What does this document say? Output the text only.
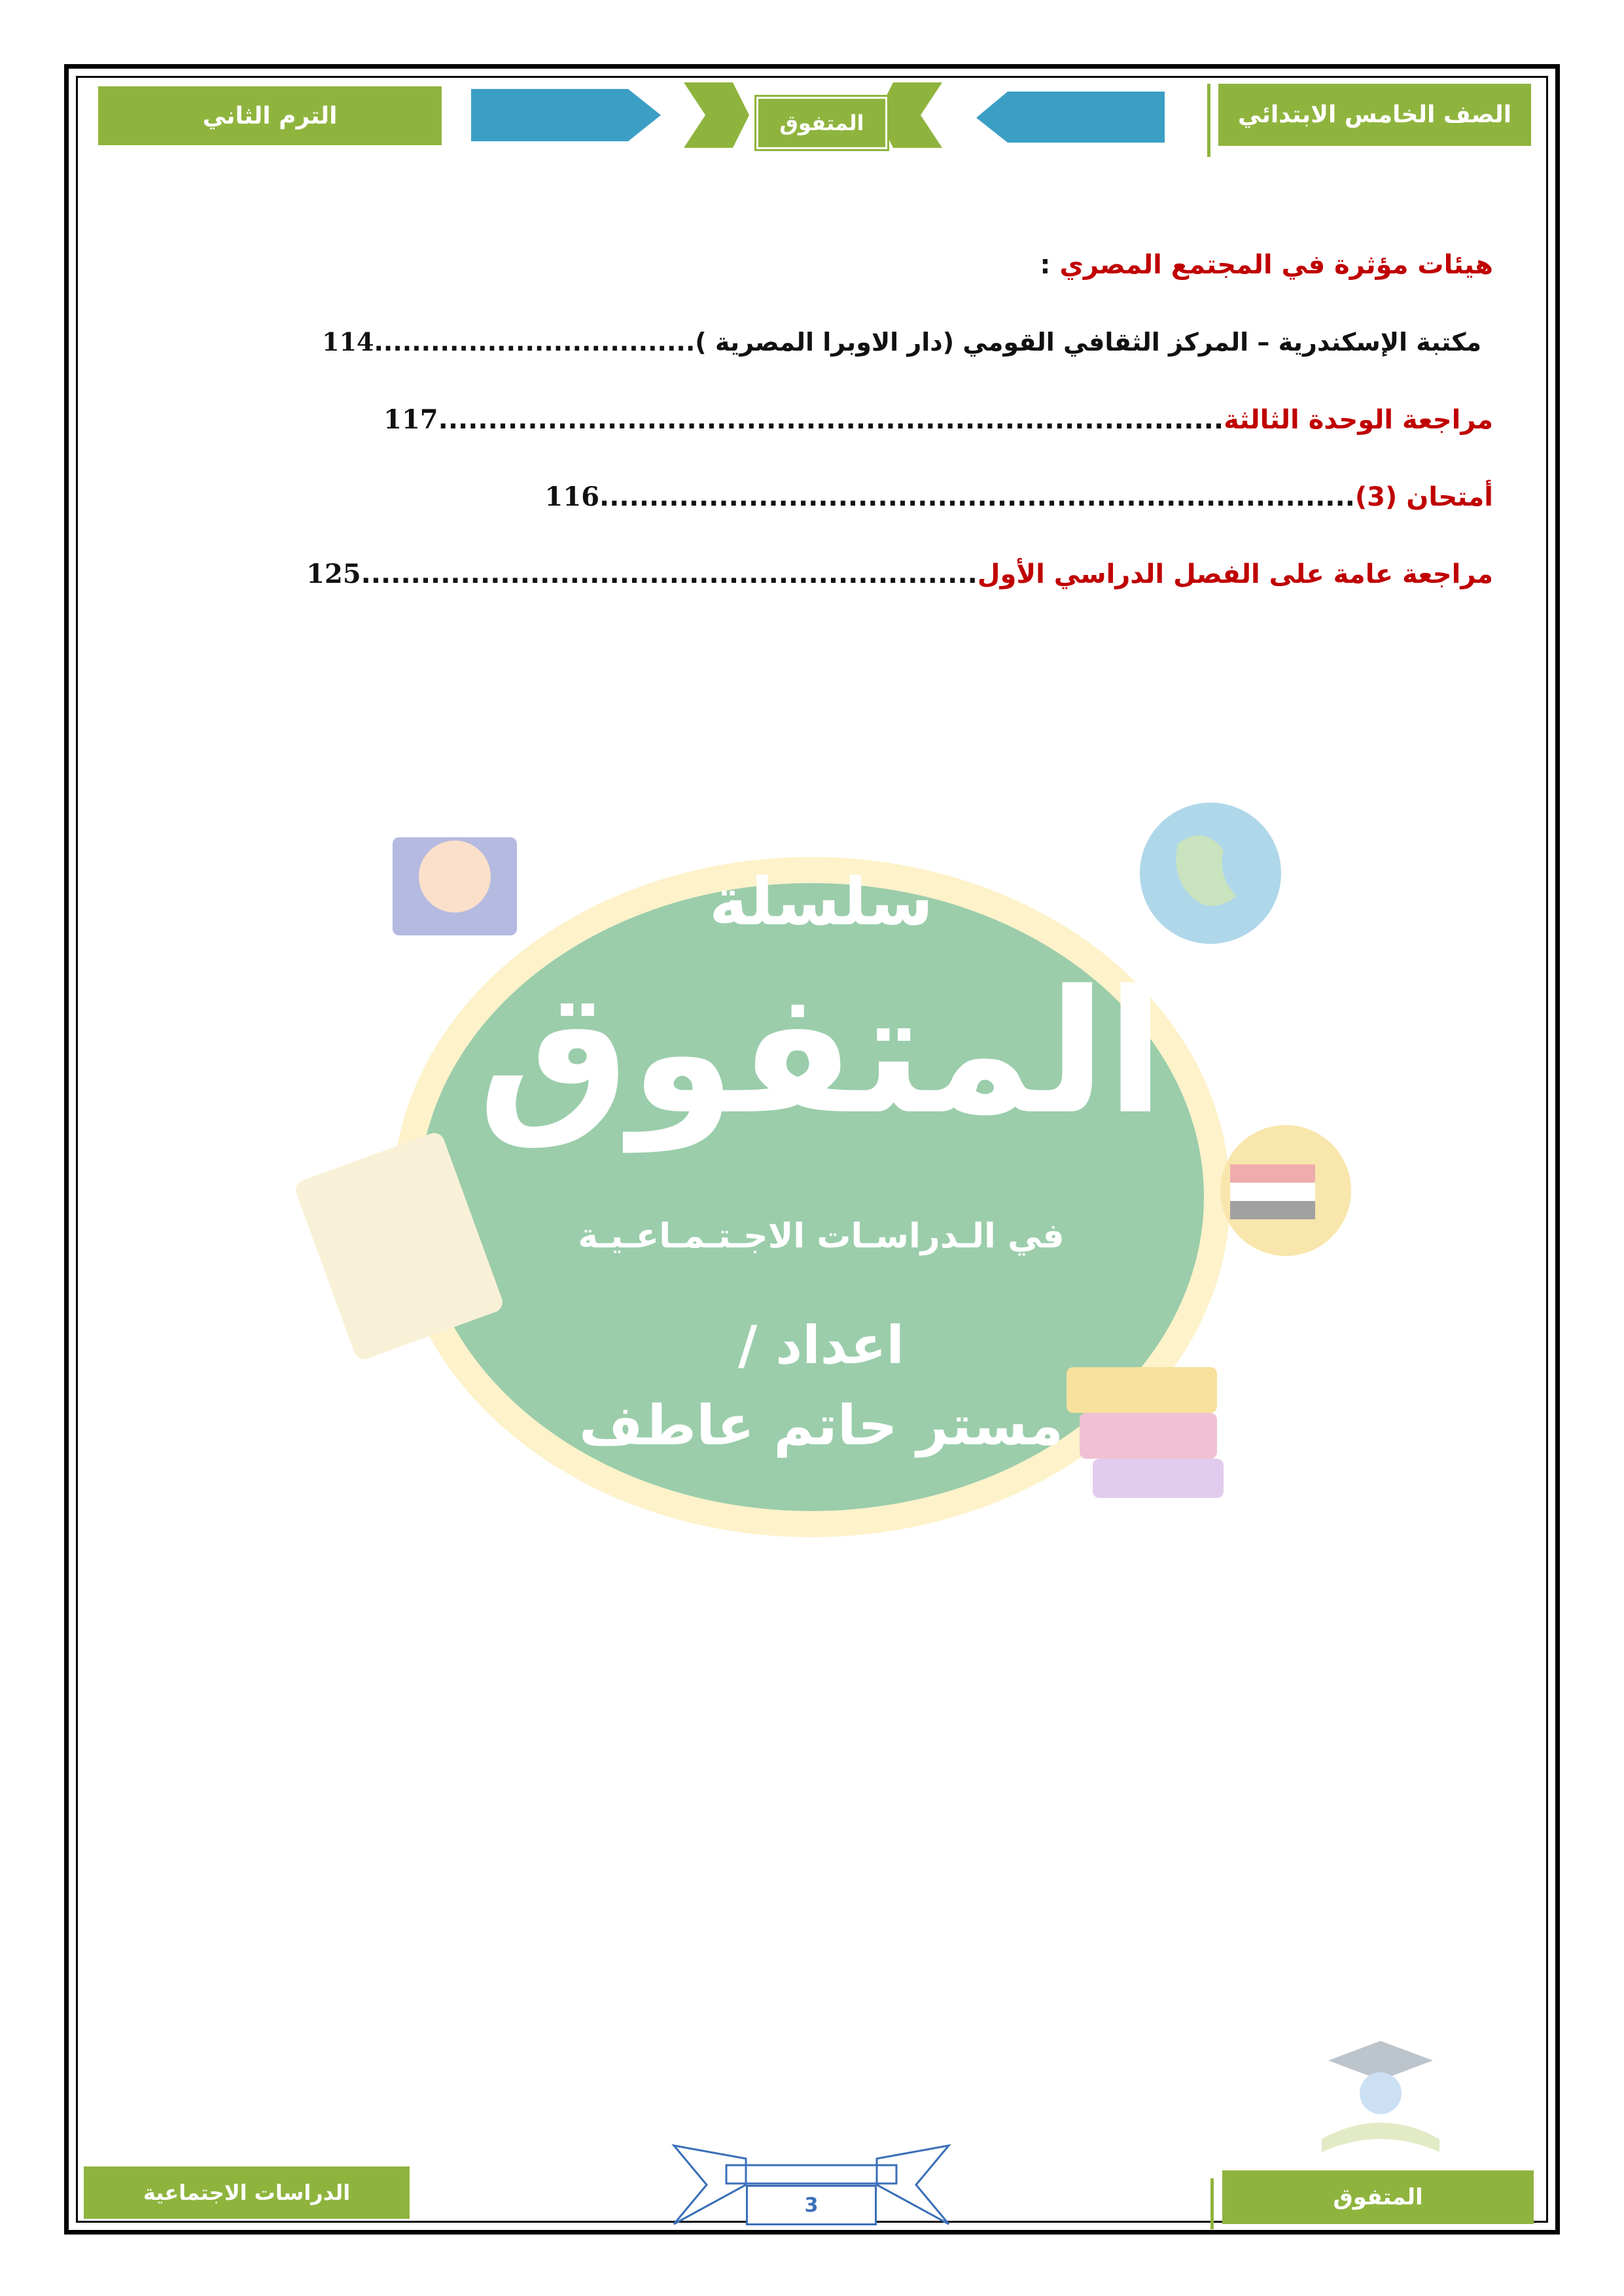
الترم الثاني	المتفوق	الصف الخامس الابتدائي
هيئات مؤثرة في المجتمع المصري :
مكتبة الإسكندرية – المركز الثقافي القومي (دار الاوبرا المصرية )..................................114
مراجعة الوحدة الثالثة...............................................................................117
أمتحان (3)............................................................................116
مراجعة عامة على الفصل الدراسي الأول..............................................................125
سلسلة
المتفوق
في الـدراسـات الاجـتـمـاعـيـة
اعداد /
مستر حاتم عاطف
الدراسات الاجتماعية	3	المتفوق
